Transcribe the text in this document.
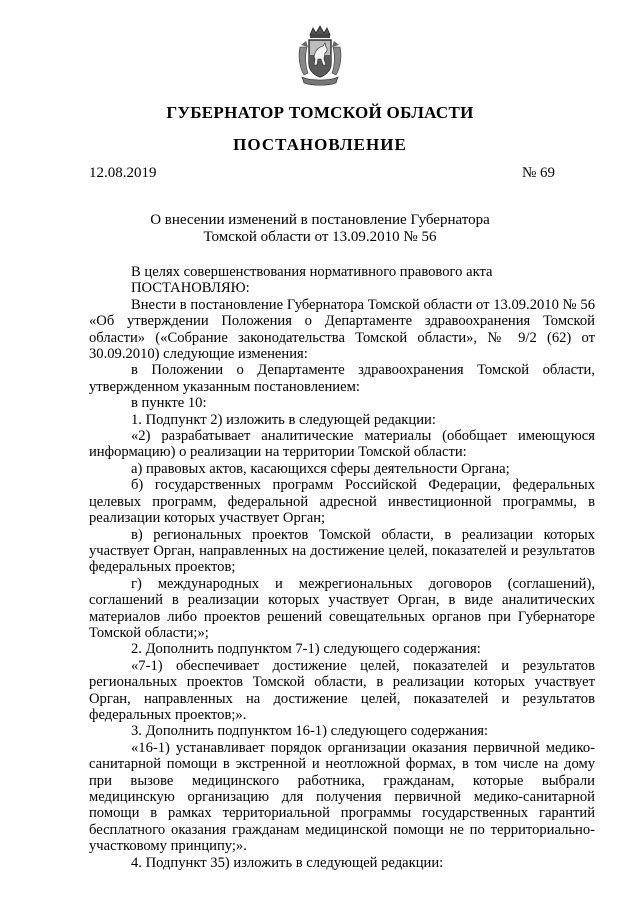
ГУБЕРНАТОР ТОМСКОЙ ОБЛАСТИ
ПОСТАНОВЛЕНИЕ
12.08.2019	№ 69
О внесении изменений в постановление Губернатора
Томской области от 13.09.2010 № 56

В целях совершенствования нормативного правового акта

ПОСТАНОВЛЯЮ:

Внести в постановление Губернатора Томской области от 13.09.2010 № 56 «Об утверждении Положения о Департаменте здравоохранения Томской области» («Собрание законодательства Томской области», № 9/2 (62) от 30.09.2010) следующие изменения:

в Положении о Департаменте здравоохранения Томской области, утвержденном указанным постановлением:

в пункте 10:

1. Подпункт 2) изложить в следующей редакции:

«2) разрабатывает аналитические материалы (обобщает имеющуюся информацию) о реализации на территории Томской области:

а) правовых актов, касающихся сферы деятельности Органа;

б) государственных программ Российской Федерации, федеральных целевых программ, федеральной адресной инвестиционной программы, в реализации которых участвует Орган;

в) региональных проектов Томской области, в реализации которых участвует Орган, направленных на достижение целей, показателей и результатов федеральных проектов;

г) международных и межрегиональных договоров (соглашений), соглашений в реализации которых участвует Орган, в виде аналитических материалов либо проектов решений совещательных органов при Губернаторе Томской области;»;

2. Дополнить подпунктом 7-1) следующего содержания:

«7-1) обеспечивает достижение целей, показателей и результатов региональных проектов Томской области, в реализации которых участвует Орган, направленных на достижение целей, показателей и результатов федеральных проектов;».

3. Дополнить подпунктом 16-1) следующего содержания:

«16-1) устанавливает порядок организации оказания первичной медико-санитарной помощи в экстренной и неотложной формах, в том числе на дому при вызове медицинского работника, гражданам, которые выбрали медицинскую организацию для получения первичной медико-санитарной помощи в рамках территориальной программы государственных гарантий бесплатного оказания гражданам медицинской помощи не по территориально-участковому принципу;».

4. Подпункт 35) изложить в следующей редакции:
